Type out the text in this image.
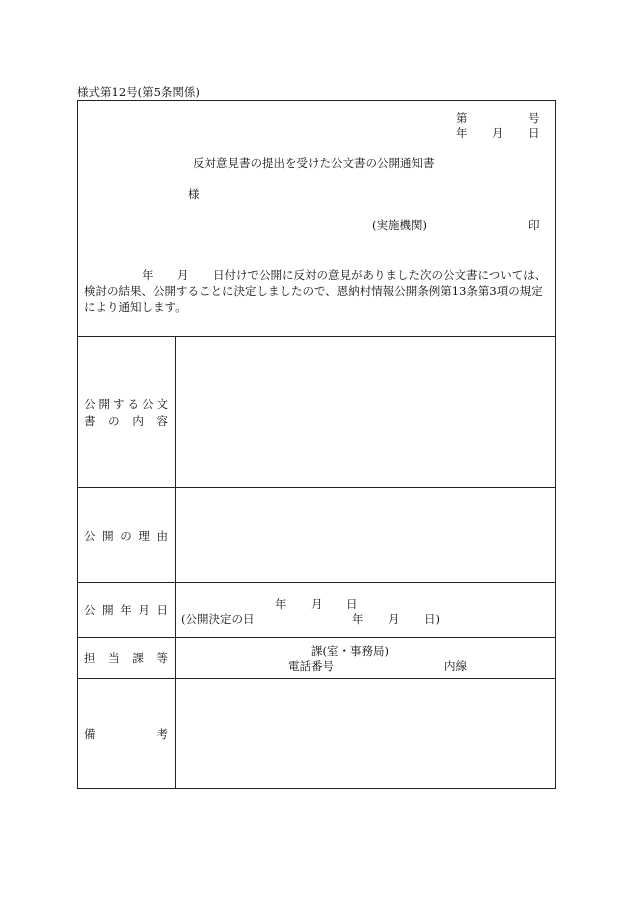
様式第12号(第5条関係)
第	号
年 月 日
反対意見書の提出を受けた公文書の公開通知書
様
(実施機関)	印
年 月 日付けで公開に反対の意見がありました次の公文書については、
検討の結果、公開することに決定しましたので、恩納村情報公開条例第13条第3項の規定
により通知します。
公 開 す る 公 文
書 の 内 容
公 開 の 理 由
公 開 年 月 日	年 月 日
(公開決定の日	年 月 日)
担 当 課 等	課(室・事務局)
電話番号	内線
備	考
